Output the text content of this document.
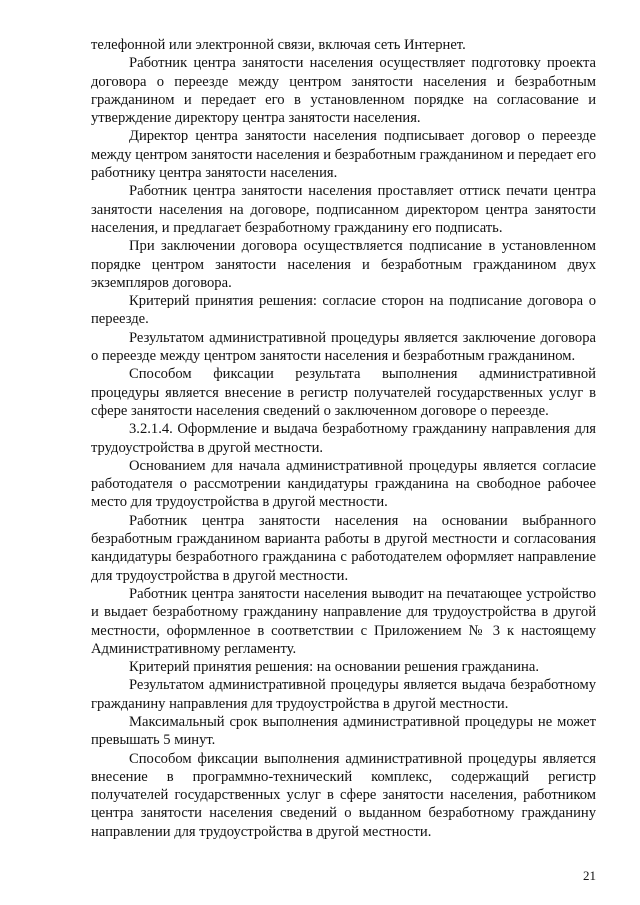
телефонной или электронной связи, включая сеть Интернет.

Работник центра занятости населения осуществляет подготовку проекта договора о переезде между центром занятости населения и безработным гражданином и передает его в установленном порядке на согласование и утверждение директору центра занятости населения.

Директор центра занятости населения подписывает договор о переезде между центром занятости населения и безработным гражданином и передает его работнику центра занятости населения.

Работник центра занятости населения проставляет оттиск печати центра занятости населения на договоре, подписанном директором центра занятости населения, и предлагает безработному гражданину его подписать.

При заключении договора осуществляется подписание в установленном порядке центром занятости населения и безработным гражданином двух экземпляров договора.

Критерий принятия решения: согласие сторон на подписание договора о переезде.

Результатом административной процедуры является заключение договора о переезде между центром занятости населения и безработным гражданином.

Способом фиксации результата выполнения административной процедуры является внесение в регистр получателей государственных услуг в сфере занятости населения сведений о заключенном договоре о переезде.

3.2.1.4. Оформление и выдача безработному гражданину направления для трудоустройства в другой местности.

Основанием для начала административной процедуры является согласие работодателя о рассмотрении кандидатуры гражданина на свободное рабочее место для трудоустройства в другой местности.

Работник центра занятости населения на основании выбранного безработным гражданином варианта работы в другой местности и согласования кандидатуры безработного гражданина с работодателем оформляет направление для трудоустройства в другой местности.

Работник центра занятости населения выводит на печатающее устройство и выдает безработному гражданину направление для трудоустройства в другой местности, оформленное в соответствии с Приложением № 3 к настоящему Административному регламенту.

Критерий принятия решения: на основании решения гражданина.

Результатом административной процедуры является выдача безработному гражданину направления для трудоустройства в другой местности.

Максимальный срок выполнения административной процедуры не может превышать 5 минут.

Способом фиксации выполнения административной процедуры является внесение в программно-технический комплекс, содержащий регистр получателей государственных услуг в сфере занятости населения, работником центра занятости населения сведений о выданном безработному гражданину направлении для трудоустройства в другой местности.

21
